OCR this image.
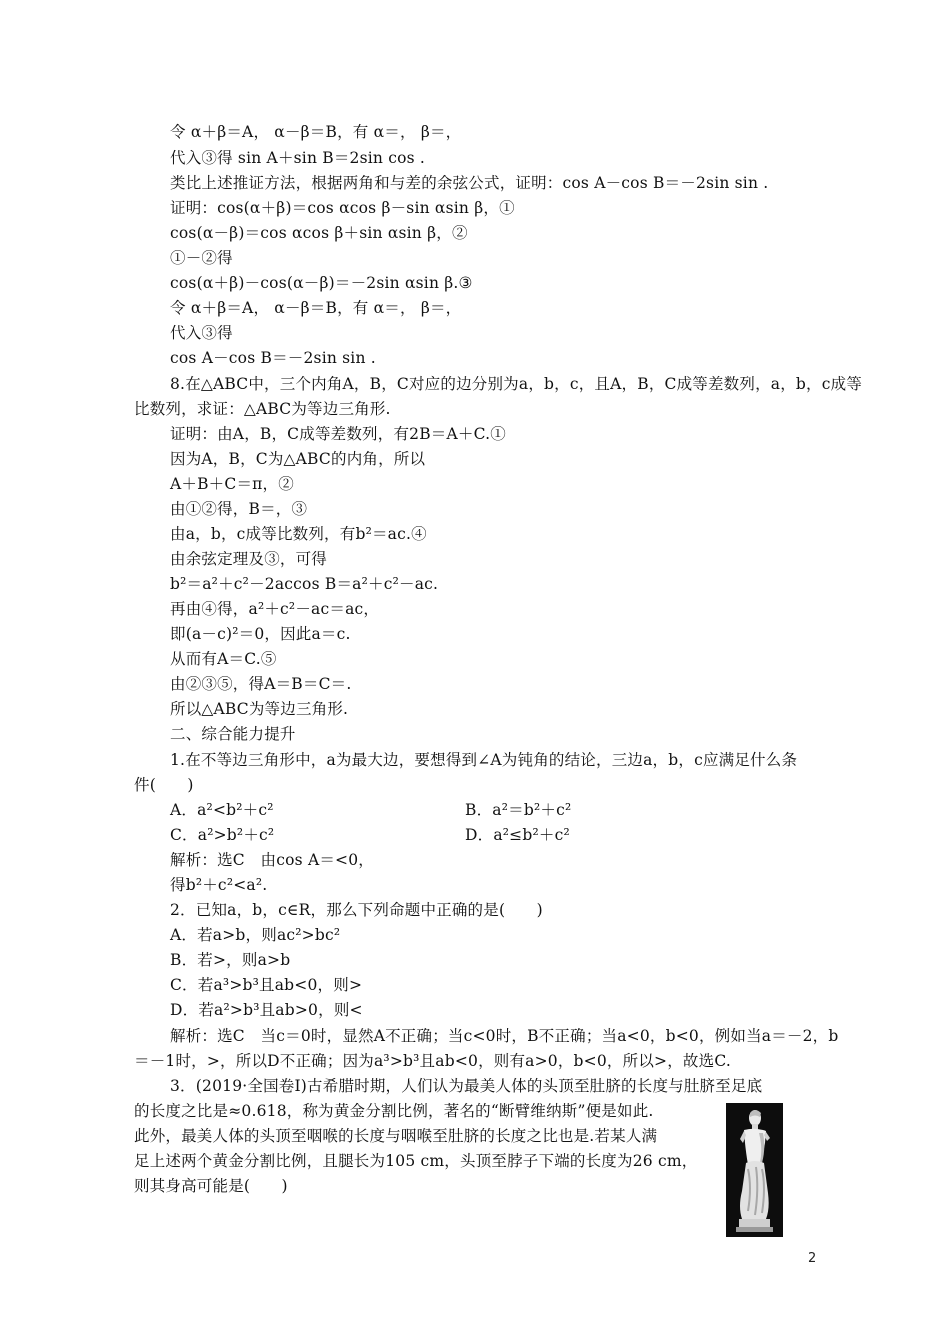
令 α＋β＝A， α－β＝B，有 α＝， β＝，
代入③得 sin A＋sin B＝2sin cos .
类比上述推证方法，根据两角和与差的余弦公式，证明：cos A－cos B＝－2sin sin .
证明：cos(α＋β)＝cos αcos β－sin αsin β，①
cos(α－β)＝cos αcos β＋sin αsin β，②
①－②得
cos(α＋β)－cos(α－β)＝－2sin αsin β.③
令 α＋β＝A， α－β＝B，有 α＝， β＝，
代入③得
cos A－cos B＝－2sin sin .
8.在△ABC中，三个内角A，B，C对应的边分别为a，b，c，且A，B，C成等差数列，a，b，c成等
比数列，求证：△ABC为等边三角形.
证明：由A，B，C成等差数列，有2B＝A＋C.①
因为A，B，C为△ABC的内角，所以
A＋B＋C＝π，②
由①②得，B＝，③
由a，b，c成等比数列，有b²＝ac.④
由余弦定理及③，可得
b²＝a²＋c²－2accos B＝a²＋c²－ac.
再由④得，a²＋c²－ac＝ac，
即(a－c)²＝0，因此a＝c.
从而有A＝C.⑤
由②③⑤，得A＝B＝C＝.
所以△ABC为等边三角形.
二、综合能力提升
1.在不等边三角形中，a为最大边，要想得到∠A为钝角的结论，三边a，b，c应满足什么条
件(　　)
A．a²<b²＋c²	B．a²＝b²＋c²
C．a²>b²＋c²	D．a²≤b²＋c²
解析：选C　由cos A＝<0，
得b²＋c²<a².
2．已知a，b，c∈R，那么下列命题中正确的是(　　)
A．若a>b，则ac²>bc²
B．若>，则a>b
C．若a³>b³且ab<0，则>
D．若a²>b³且ab>0，则<
解析：选C　当c＝0时，显然A不正确；当c<0时，B不正确；当a<0，b<0，例如当a＝－2，b
＝－1时，>，所以D不正确；因为a³>b³且ab<0，则有a>0，b<0，所以>，故选C.
3．(2019·全国卷Ⅰ)古希腊时期，人们认为最美人体的头顶至肚脐的长度与肚脐至足底
的长度之比是≈0.618，称为黄金分割比例，著名的“断臂维纳斯”便是如此.
此外，最美人体的头顶至咽喉的长度与咽喉至肚脐的长度之比也是.若某人满
足上述两个黄金分割比例，且腿长为105 cm，头顶至脖子下端的长度为26 cm，
则其身高可能是(　　)
2
